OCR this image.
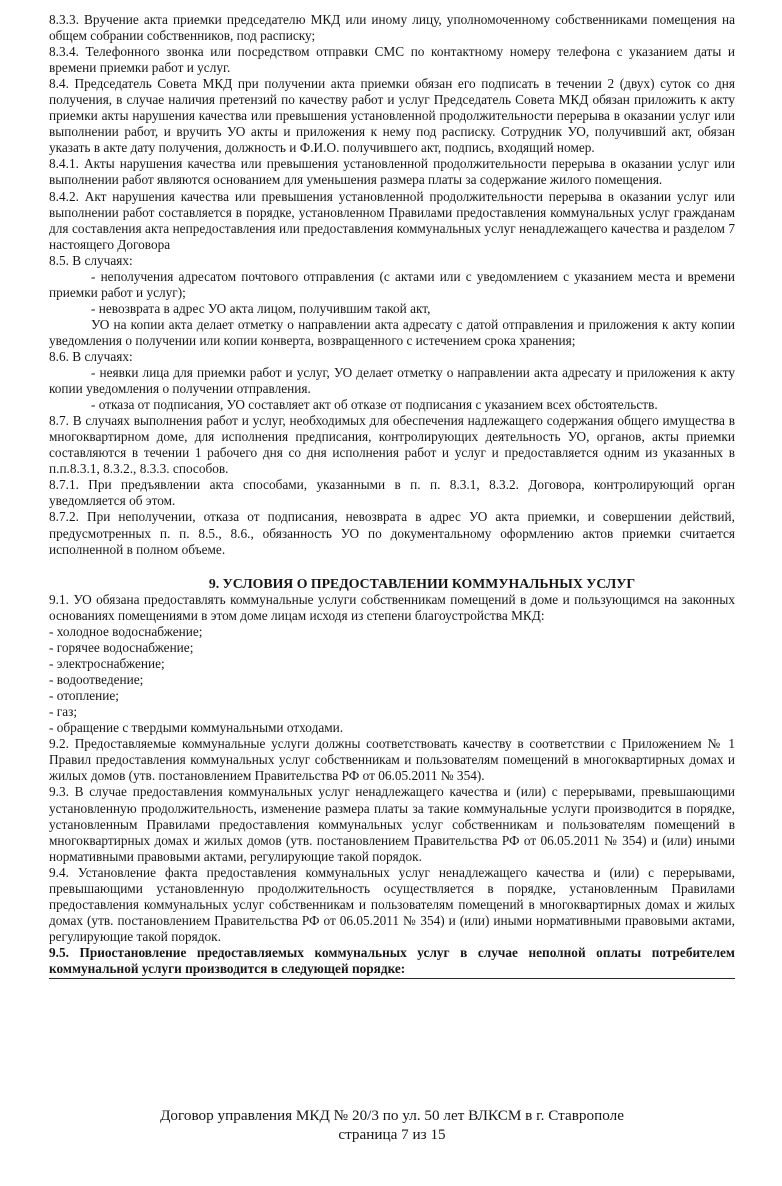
8.3.3. Вручение акта приемки председателю МКД или иному лицу, уполномоченному собственниками помещения на общем собрании собственников, под расписку;

8.3.4. Телефонного звонка или посредством отправки СМС по контактному номеру телефона с указанием даты и времени приемки работ и услуг.

8.4. Председатель Совета МКД при получении акта приемки обязан его подписать в течении 2 (двух) суток со дня получения, в случае наличия претензий по качеству работ и услуг Председатель Совета МКД обязан приложить к акту приемки акты нарушения качества или превышения установленной продолжительности перерыва в оказании услуг или выполнении работ, и вручить УО акты и приложения к нему под расписку. Сотрудник УО, получивший акт, обязан указать в акте дату получения, должность и Ф.И.О. получившего акт, подпись, входящий номер.

8.4.1. Акты нарушения качества или превышения установленной продолжительности перерыва в оказании услуг или выполнении работ являются основанием для уменьшения размера платы за содержание жилого помещения.

8.4.2. Акт нарушения качества или превышения установленной продолжительности перерыва в оказании услуг или выполнении работ составляется в порядке, установленном Правилами предоставления коммунальных услуг гражданам для составления акта непредоставления или предоставления коммунальных услуг ненадлежащего качества и разделом 7 настоящего Договора

8.5. В случаях:

- неполучения адресатом почтового отправления (с актами или с уведомлением с указанием места и времени приемки работ и услуг);

- невозврата в адрес УО акта лицом, получившим такой акт,

УО на копии акта делает отметку о направлении акта адресату с датой отправления и приложения к акту копии уведомления о получении или копии конверта, возвращенного с истечением срока хранения;

8.6. В случаях:

- неявки лица для приемки работ и услуг, УО делает отметку о направлении акта адресату и приложения к акту копии уведомления о получении отправления.

- отказа от подписания, УО составляет акт об отказе от подписания с указанием всех обстоятельств.

8.7. В случаях выполнения работ и услуг, необходимых для обеспечения надлежащего содержания общего имущества в многоквартирном доме, для исполнения предписания, контролирующих деятельность УО, органов, акты приемки составляются в течении 1 рабочего дня со дня исполнения работ и услуг и предоставляется одним из указанных в п.п.8.3.1, 8.3.2., 8.3.3. способов.

8.7.1. При предъявлении акта способами, указанными в п. п. 8.3.1, 8.3.2. Договора, контролирующий орган уведомляется об этом.

8.7.2. При неполучении, отказа от подписания, невозврата в адрес УО акта приемки, и совершении действий, предусмотренных п. п. 8.5., 8.6., обязанность УО по документальному оформлению актов приемки считается исполненной в полном объеме.

9. УСЛОВИЯ О ПРЕДОСТАВЛЕНИИ КОММУНАЛЬНЫХ УСЛУГ

9.1. УО обязана предоставлять коммунальные услуги собственникам помещений в доме и пользующимся на законных основаниях помещениями в этом доме лицам исходя из степени благоустройства МКД:

- холодное водоснабжение;

- горячее водоснабжение;

- электроснабжение;

- водоотведение;

- отопление;

- газ;

- обращение с твердыми коммунальными отходами.

9.2. Предоставляемые коммунальные услуги должны соответствовать качеству в соответствии с Приложением № 1 Правил предоставления коммунальных услуг собственникам и пользователям помещений в многоквартирных домах и жилых домов (утв. постановлением Правительства РФ от 06.05.2011 № 354).

9.3. В случае предоставления коммунальных услуг ненадлежащего качества и (или) с перерывами, превышающими установленную продолжительность, изменение размера платы за такие коммунальные услуги производится в порядке, установленным Правилами предоставления коммунальных услуг собственникам и пользователям помещений в многоквартирных домах и жилых домов (утв. постановлением Правительства РФ от 06.05.2011 № 354) и (или) иными нормативными правовыми актами, регулирующие такой порядок.

9.4. Установление факта предоставления коммунальных услуг ненадлежащего качества и (или) с перерывами, превышающими установленную продолжительность осуществляется в порядке, установленным Правилами предоставления коммунальных услуг собственникам и пользователям помещений в многоквартирных домах и жилых домах (утв. постановлением Правительства РФ от 06.05.2011 № 354) и (или) иными нормативными правовыми актами, регулирующие такой порядок.

9.5. Приостановление предоставляемых коммунальных услуг в случае неполной оплаты потребителем коммунальной услуги производится в следующей порядке:

Договор управления МКД № 20/3 по ул. 50 лет ВЛКСМ в г. Ставрополе
страница 7 из 15
